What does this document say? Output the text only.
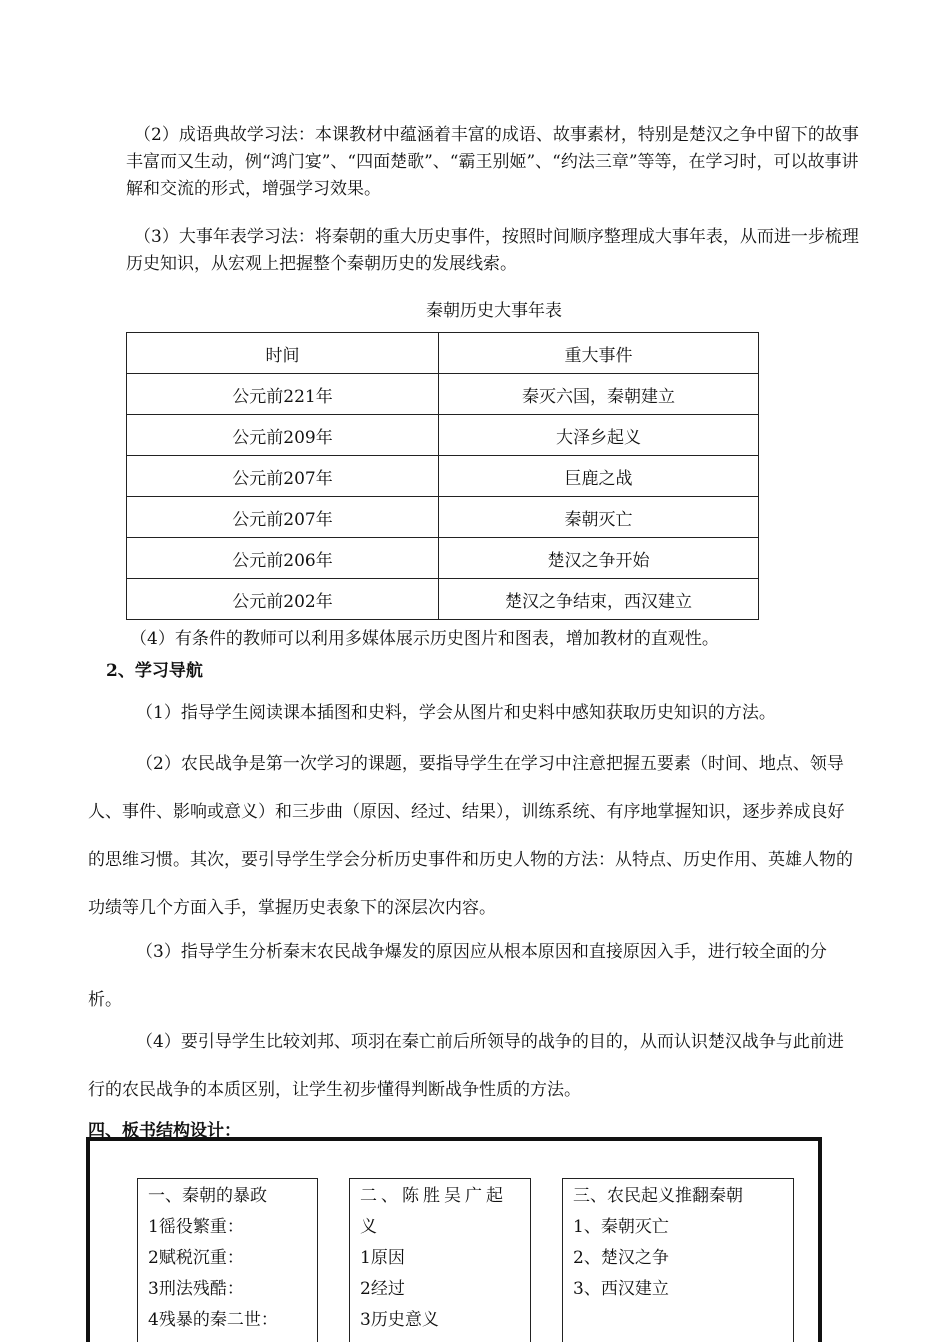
（2）成语典故学习法：本课教材中蕴涵着丰富的成语、故事素材，特别是楚汉之争中留下的故事丰富而又生动，例“鸿门宴”、“四面楚歌”、“霸王别姬”、“约法三章”等等，在学习时，可以故事讲解和交流的形式，增强学习效果。
（3）大事年表学习法：将秦朝的重大历史事件，按照时间顺序整理成大事年表，从而进一步梳理历史知识，从宏观上把握整个秦朝历史的发展线索。
秦朝历史大事年表
时间	重大事件
公元前221年	秦灭六国，秦朝建立
公元前209年	大泽乡起义
公元前207年	巨鹿之战
公元前207年	秦朝灭亡
公元前206年	楚汉之争开始
公元前202年	楚汉之争结束，西汉建立
（4）有条件的教师可以利用多媒体展示历史图片和图表，增加教材的直观性。
2、学习导航
（1）指导学生阅读课本插图和史料，学会从图片和史料中感知获取历史知识的方法。
（2）农民战争是第一次学习的课题，要指导学生在学习中注意把握五要素（时间、地点、领导人、事件、影响或意义）和三步曲（原因、经过、结果），训练系统、有序地掌握知识，逐步养成良好的思维习惯。其次，要引导学生学会分析历史事件和历史人物的方法：从特点、历史作用、英雄人物的功绩等几个方面入手，掌握历史表象下的深层次内容。
（3）指导学生分析秦末农民战争爆发的原因应从根本原因和直接原因入手，进行较全面的分析。
（4）要引导学生比较刘邦、项羽在秦亡前后所领导的战争的目的，从而认识楚汉战争与此前进行的农民战争的本质区别，让学生初步懂得判断战争性质的方法。
四、板书结构设计：
一、秦朝的暴政
1徭役繁重：
2赋税沉重：
3刑法残酷：
4残暴的秦二世：
二、陈胜吴广起义
1原因
2经过
3历史意义
三、农民起义推翻秦朝
1、秦朝灭亡
2、楚汉之争
3、西汉建立
